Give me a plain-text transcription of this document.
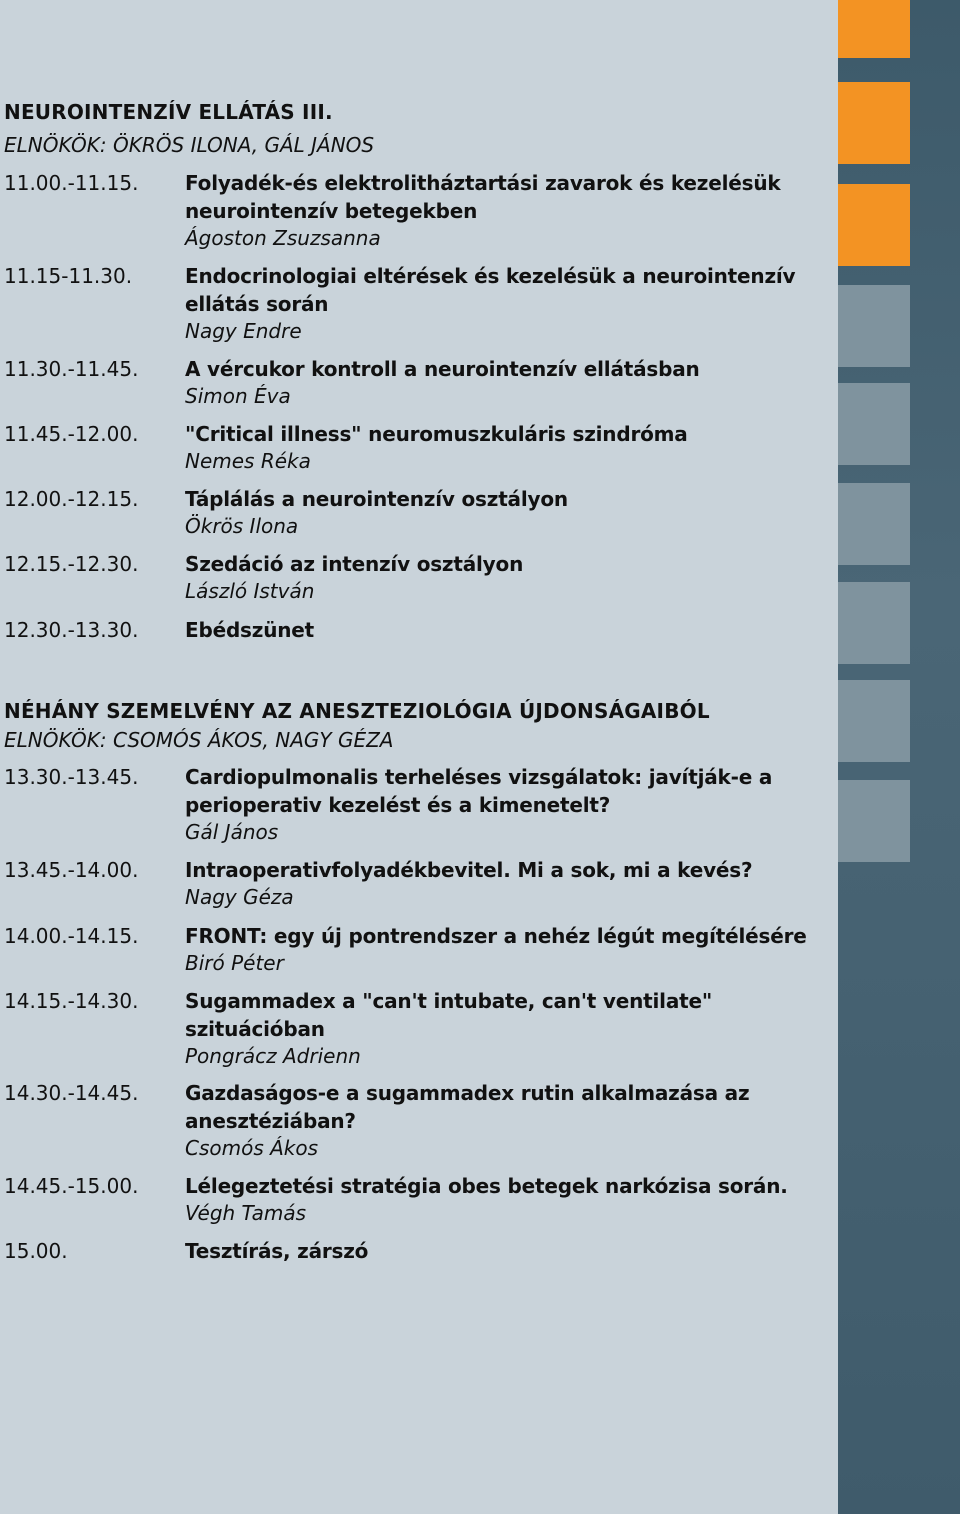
NEUROINTENZÍV ELLÁTÁS III.
ELNÖKÖK: ÖKRÖS ILONA, GÁL JÁNOS
11.00.-11.15. Folyadék-és elektrolitháztartási zavarok és kezelésük neurointenzív betegekben
Ágoston Zsuzsanna
11.15-11.30.	Endocrinologiai eltérések és kezelésük a neurointenzív ellátás során
Nagy Endre
11.30.-11.45. A vércukor kontroll a neurointenzív ellátásban
Simon Éva
11.45.-12.00. "Critical illness" neuromuszkuláris szindróma
Nemes Réka
12.00.-12.15. Táplálás a neurointenzív osztályon
Ökrös Ilona
12.15.-12.30. Szedáció az intenzív osztályon
László István
12.30.-13.30. Ebédszünet
NÉHÁNY SZEMELVÉNY AZ ANESZTEZIOLÓGIA ÚJDONSÁGAIBÓL
ELNÖKÖK: CSOMÓS ÁKOS, NAGY GÉZA
13.30.-13.45. Cardiopulmonalis terheléses vizsgálatok: javítják-e a perioperativ kezelést és a kimenetelt?
Gál János
13.45.-14.00. Intraoperativfolyadékbevitel. Mi a sok, mi a kevés?
Nagy Géza
14.00.-14.15. FRONT: egy új pontrendszer a nehéz légút megítélésére
Biró Péter
14.15.-14.30. Sugammadex a "can't intubate, can't ventilate" szituációban
Pongrácz Adrienn
14.30.-14.45. Gazdaságos-e a sugammadex rutin alkalmazása az anesztéziában?
Csomós Ákos
14.45.-15.00. Lélegeztetési stratégia obes betegek narkózisa során.
Végh Tamás
15.00.	Tesztírás, zárszó
